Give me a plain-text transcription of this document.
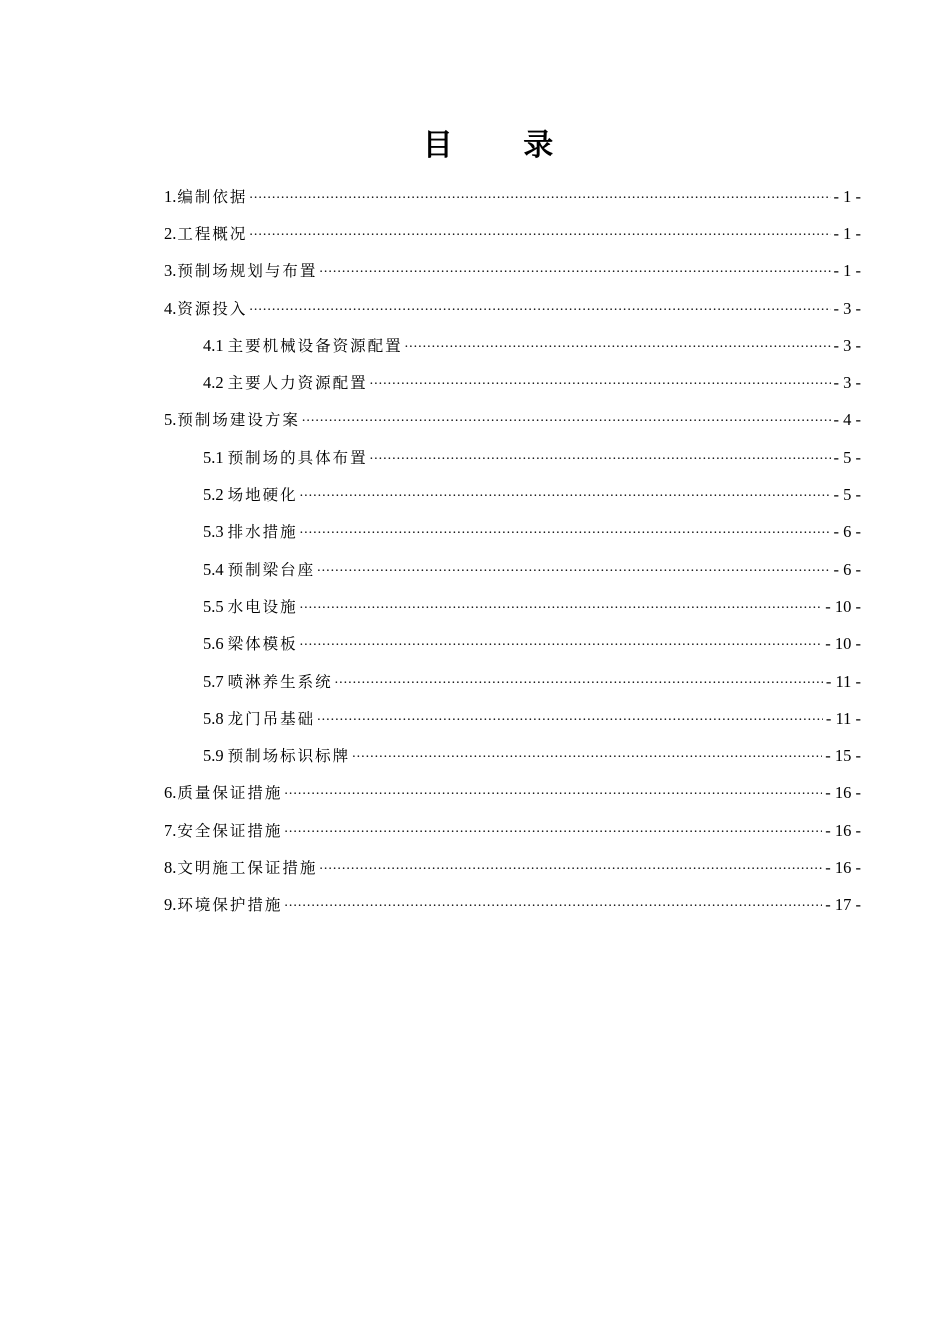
目 录
1. 编制依据 .....	- 1 -
2. 工程概况 .....	- 1 -
3. 预制场规划与布置 .....	- 1 -
4. 资源投入 .....	- 3 -
4.1 主要机械设备资源配置 .....	- 3 -
4.2 主要人力资源配置 .....	- 3 -
5. 预制场建设方案 .....	- 4 -
5.1 预制场的具体布置 .....	- 5 -
5.2 场地硬化 .....	- 5 -
5.3 排水措施 .....	- 6 -
5.4 预制梁台座 .....	- 6 -
5.5 水电设施 .....	- 10 -
5.6 梁体模板 .....	- 10 -
5.7 喷淋养生系统 .....	- 11 -
5.8 龙门吊基础 .....	- 11 -
5.9 预制场标识标牌 .....	- 15 -
6. 质量保证措施 .....	- 16 -
7. 安全保证措施 .....	- 16 -
8. 文明施工保证措施 .....	- 16 -
9. 环境保护措施 .....	- 17 -
